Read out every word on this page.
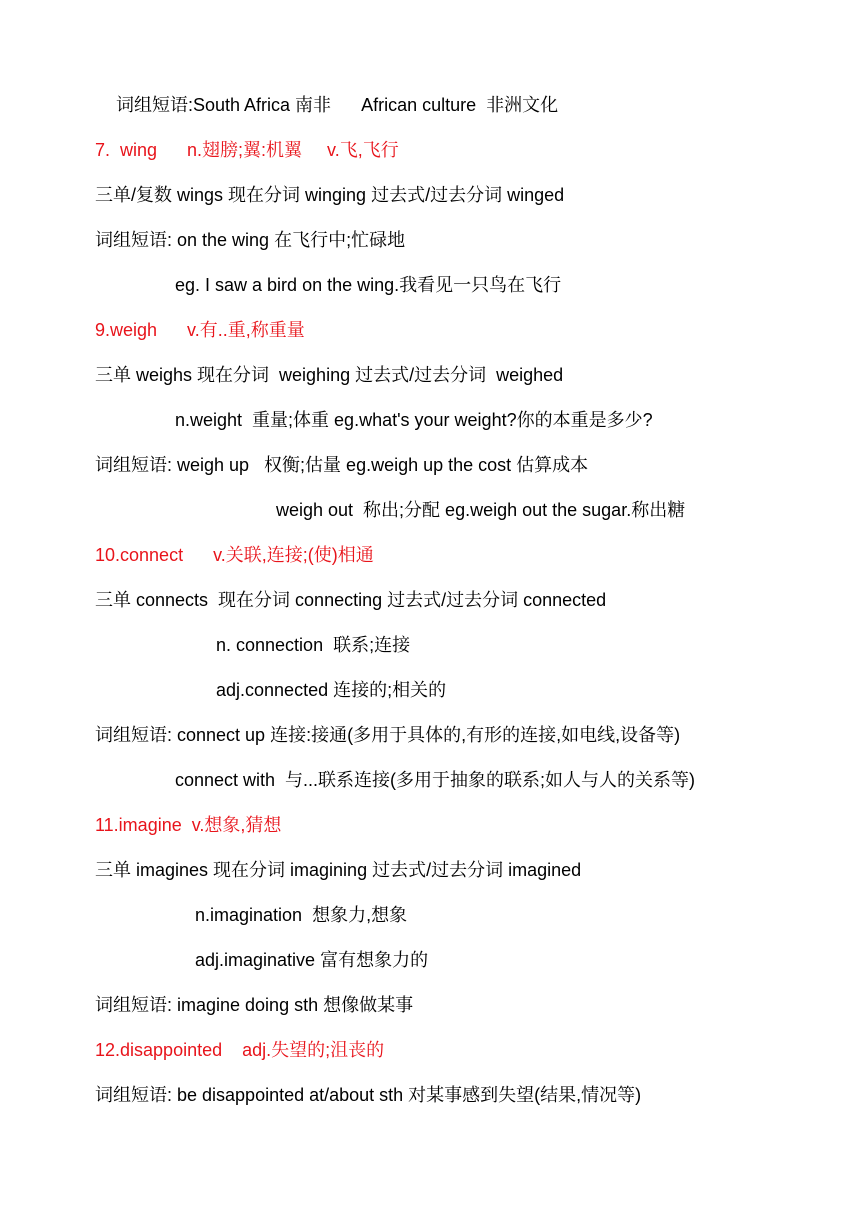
词组短语:South Africa 南非      African culture  非洲文化
7.  wing      n.翅膀;翼:机翼     v.飞,飞行
三单/复数 wings 现在分词 winging 过去式/过去分词 winged
词组短语: on the wing 在飞行中;忙碌地
eg. I saw a bird on the wing.我看见一只鸟在飞行
9.weigh      v.有..重,称重量
三单 weighs 现在分词  weighing 过去式/过去分词  weighed
n.weight  重量;体重 eg.what's your weight?你的本重是多少?
词组短语: weigh up   权衡;估量 eg.weigh up the cost 估算成本
weigh out  称出;分配 eg.weigh out the sugar.称出糖
10.connect      v.关联,连接;(使)相通
三单 connects  现在分词 connecting 过去式/过去分词 connected
n. connection  联系;连接
adj.connected 连接的;相关的
词组短语: connect up 连接:接通(多用于具体的,有形的连接,如电线,设备等)
connect with  与...联系连接(多用于抽象的联系;如人与人的关系等)
11.imagine  v.想象,猜想
三单 imagines 现在分词 imagining 过去式/过去分词 imagined
n.imagination  想象力,想象
adj.imaginative 富有想象力的
词组短语: imagine doing sth 想像做某事
12.disappointed    adj.失望的;沮丧的
词组短语: be disappointed at/about sth 对某事感到失望(结果,情况等)
